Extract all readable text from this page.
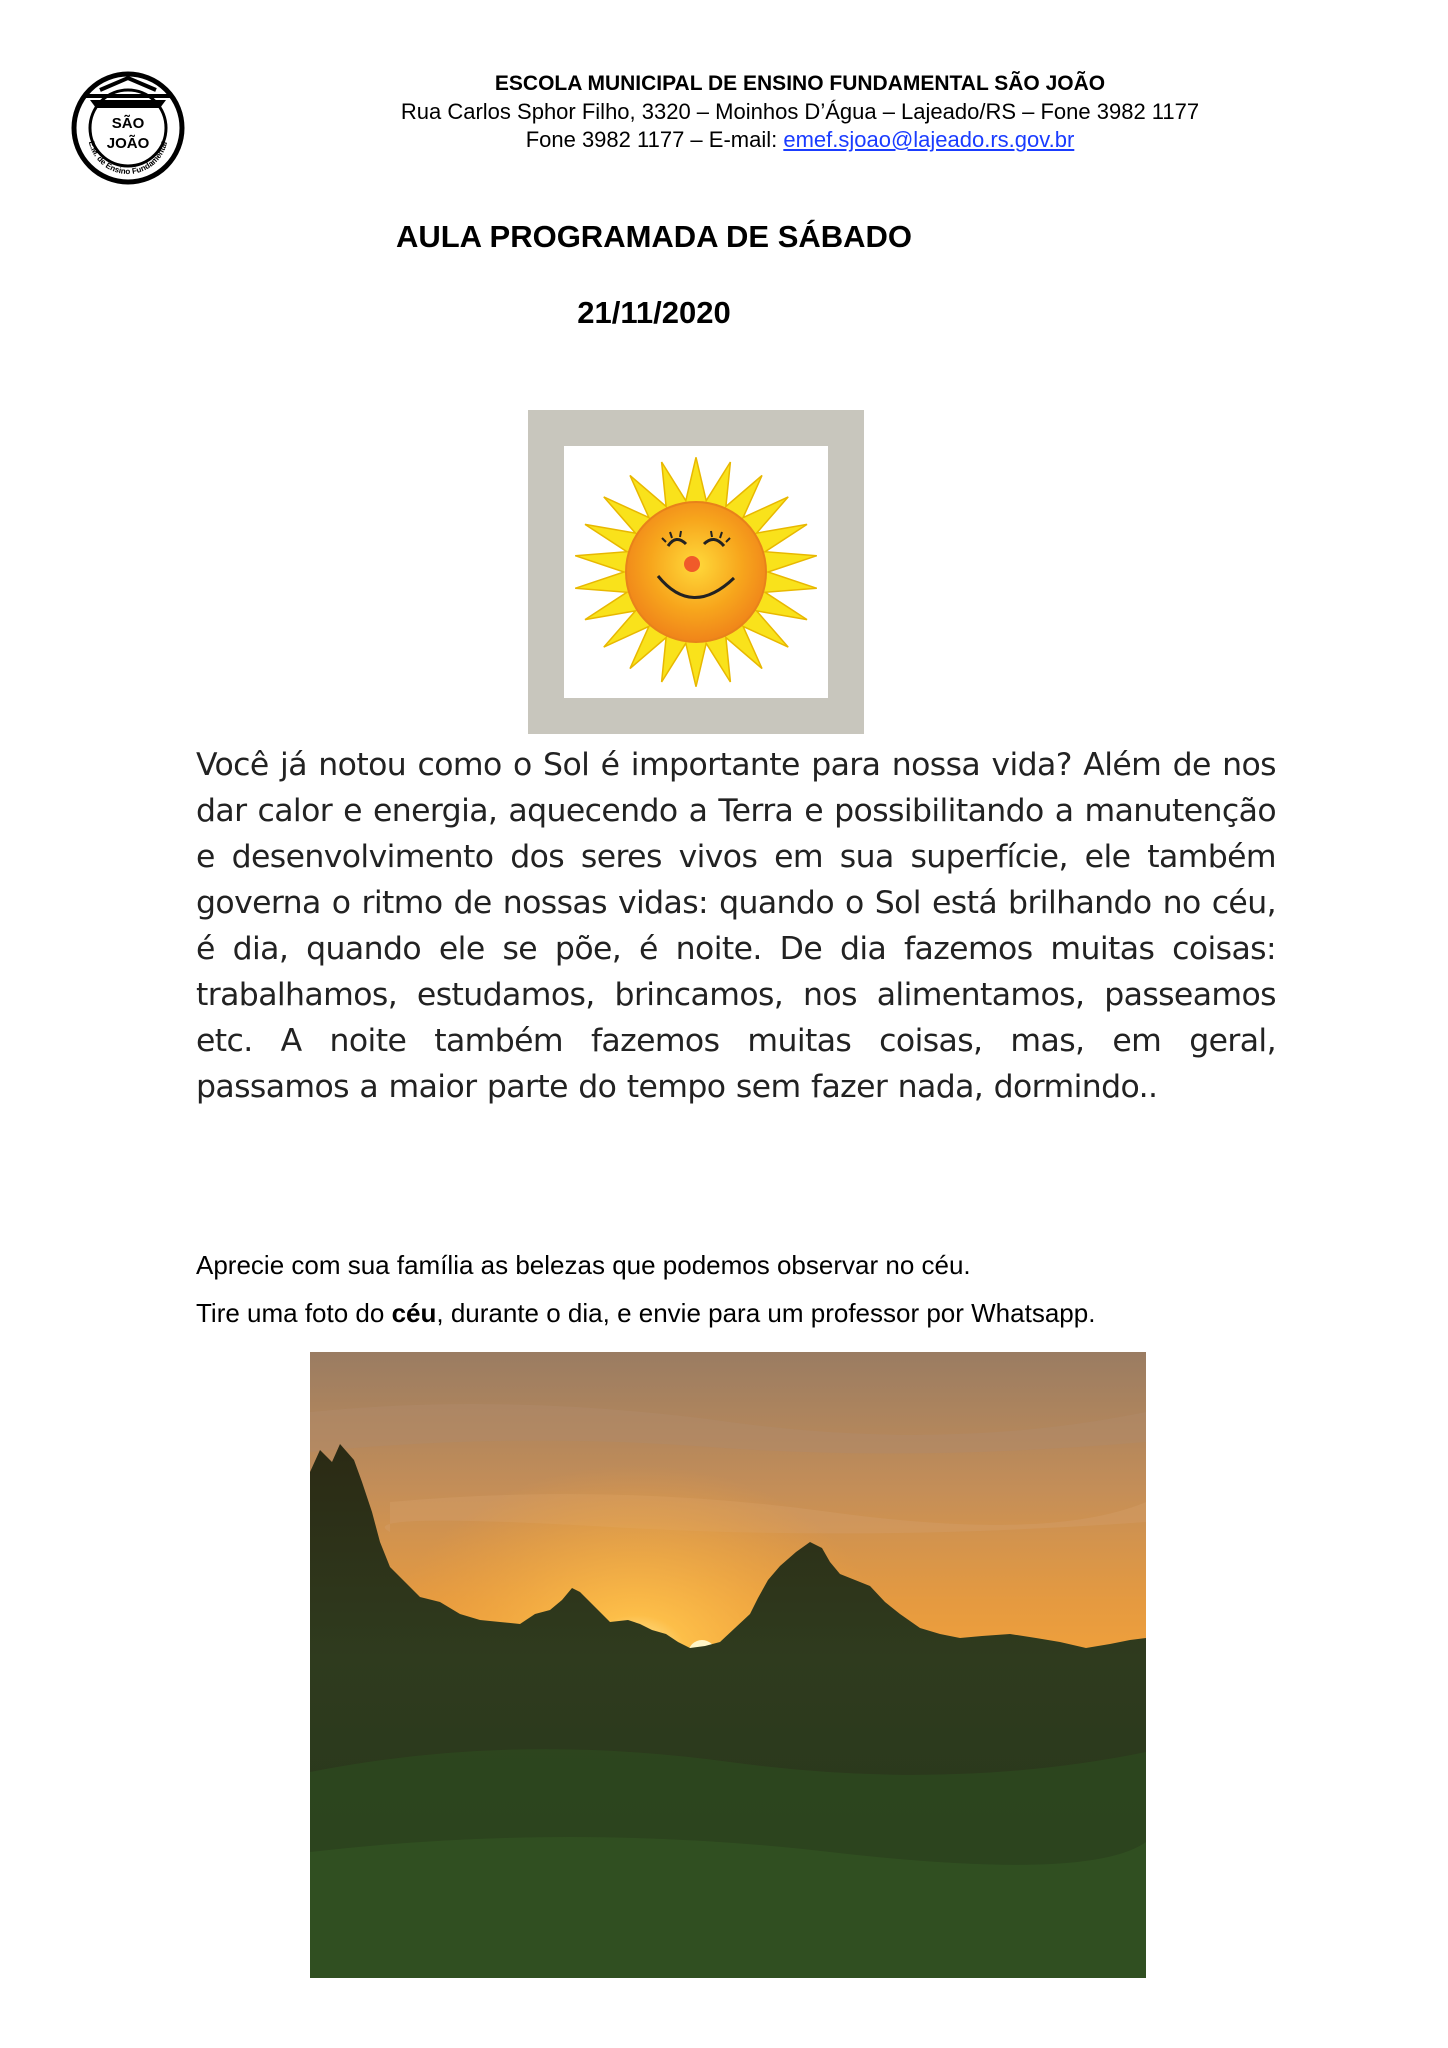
SÃO
JOÃO
E.M. de Ensino Fundamental
ESCOLA MUNICIPAL DE ENSINO FUNDAMENTAL SÃO JOÃO
Rua Carlos Sphor Filho, 3320 – Moinhos D’Água – Lajeado/RS – Fone 3982 1177
Fone 3982 1177 – E-mail: emef.sjoao@lajeado.rs.gov.br
AULA PROGRAMADA DE SÁBADO
21/11/2020
Você já notou como o Sol é importante para nossa vida? Além de nos dar calor e energia, aquecendo a Terra e possibilitando a manutenção e desenvolvimento dos seres vivos em sua superfície, ele também governa o ritmo de nossas vidas: quando o Sol está brilhando no céu, é dia, quando ele se põe, é noite. De dia fazemos muitas coisas: trabalhamos, estudamos, brincamos, nos alimentamos, passeamos etc. A noite também fazemos muitas coisas, mas, em geral, passamos a maior parte do tempo sem fazer nada, dormindo..
Aprecie com sua família as belezas que podemos observar no céu.
Tire uma foto do céu, durante o dia, e envie para um professor por Whatsapp.
